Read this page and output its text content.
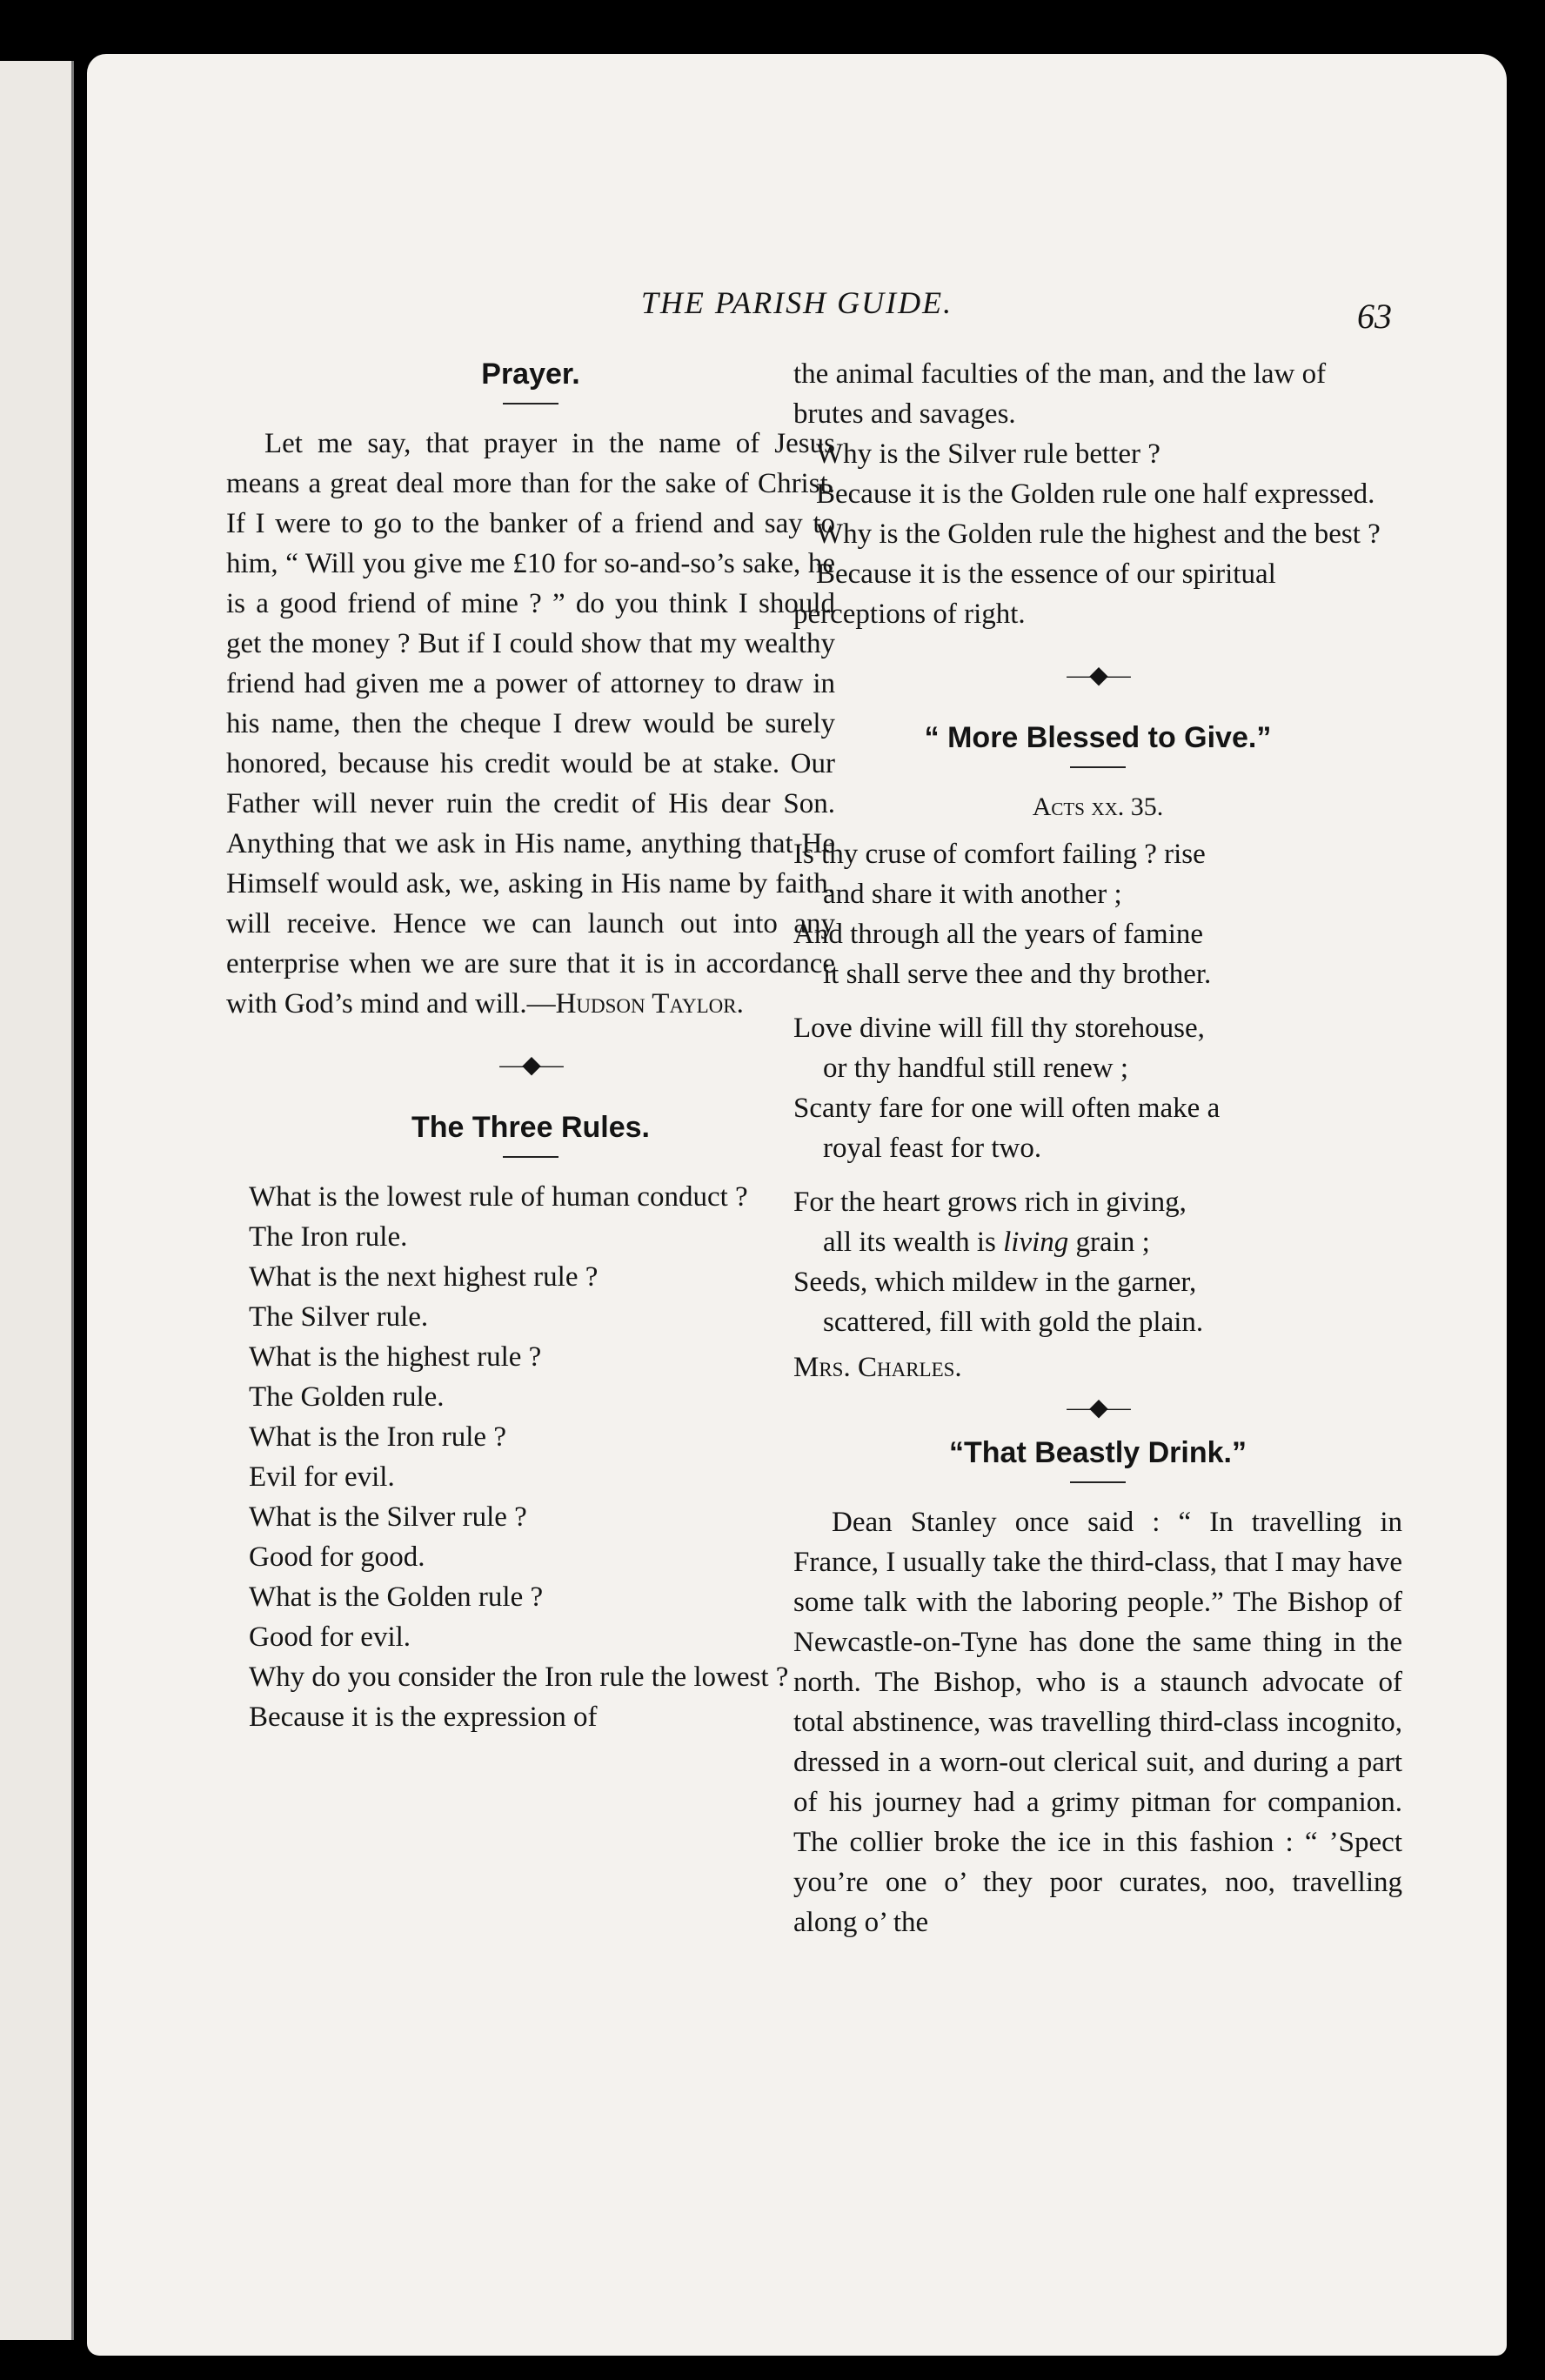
THE PARISH GUIDE.	63

Prayer.

Let me say, that prayer in the name of Jesus means a great deal more than for the sake of Christ. If I were to go to the banker of a friend and say to him, “ Will you give me £10 for so-and-so’s sake, he is a good friend of mine ? ” do you think I should get the money ? But if I could show that my wealthy friend had given me a power of attorney to draw in his name, then the cheque I drew would be surely honored, because his credit would be at stake. Our Father will never ruin the credit of His dear Son. Anything that we ask in His name, anything that He Himself would ask, we, asking in His name by faith, will receive. Hence we can launch out into any enterprise when we are sure that it is in accordance with God’s mind and will.—Hudson Taylor.

—◆—

The Three Rules.

What is the lowest rule of human conduct ?

The Iron rule.

What is the next highest rule ?

The Silver rule.

What is the highest rule ?

The Golden rule.

What is the Iron rule ?

Evil for evil.

What is the Silver rule ?

Good for good.

What is the Golden rule ?

Good for evil.

Why do you consider the Iron rule the lowest ?

Because it is the expression of

the animal faculties of the man, and the law of brutes and savages.

Why is the Silver rule better ?

Because it is the Golden rule one half expressed.

Why is the Golden rule the highest and the best ?

Because it is the essence of our spiritual perceptions of right.

—◆—

“ More Blessed to Give.”

Acts xx. 35.

Is thy cruse of comfort failing ? rise

and share it with another ;

And through all the years of famine

it shall serve thee and thy brother.

Love divine will fill thy storehouse,

or thy handful still renew ;

Scanty fare for one will often make a

royal feast for two.

For the heart grows rich in giving,

all its wealth is living grain ;

Seeds, which mildew in the garner,

scattered, fill with gold the plain.

Mrs. Charles.

—◆—

“That Beastly Drink.”

Dean Stanley once said : “ In travelling in France, I usually take the third-class, that I may have some talk with the laboring people.” The Bishop of Newcastle-on-Tyne has done the same thing in the north. The Bishop, who is a staunch advocate of total abstinence, was travelling third-class incognito, dressed in a worn-out clerical suit, and during a part of his journey had a grimy pitman for companion. The collier broke the ice in this fashion : “ ’Spect you’re one o’ they poor curates, noo, travelling along o’ the
